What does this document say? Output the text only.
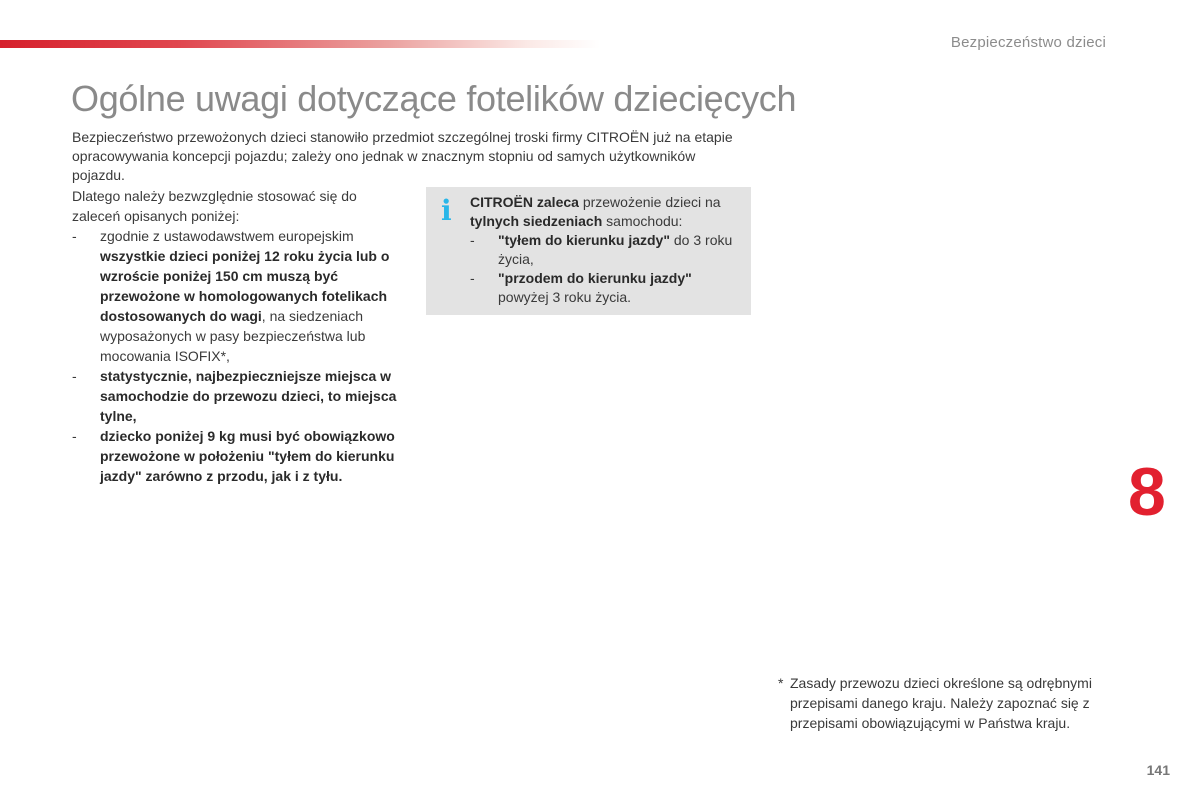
Bezpieczeństwo dzieci
Ogólne uwagi dotyczące fotelików dziecięcych

Bezpieczeństwo przewożonych dzieci stanowiło przedmiot szczególnej troski firmy CITROËN już na etapie opracowywania koncepcji pojazdu; zależy ono jednak w znacznym stopniu od samych użytkowników pojazdu.

Dlatego należy bezwzględnie stosować się do zaleceń opisanych poniżej:

- zgodnie z ustawodawstwem europejskim wszystkie dzieci poniżej 12 roku życia lub o wzroście poniżej 150 cm muszą być przewożone w homologowanych fotelikach dostosowanych do wagi, na siedzeniach wyposażonych w pasy bezpieczeństwa lub mocowania ISOFIX*,
- statystycznie, najbezpieczniejsze miejsca w samochodzie do przewozu dzieci, to miejsca tylne,
- dziecko poniżej 9 kg musi być obowiązkowo przewożone w położeniu "tyłem do kierunku jazdy" zarówno z przodu, jak i z tyłu.
i CITROËN zaleca przewożenie dzieci na tylnych siedzeniach samochodu:
- "tyłem do kierunku jazdy" do 3 roku życia,
- "przodem do kierunku jazdy" powyżej 3 roku życia.
8
* Zasady przewozu dzieci określone są odrębnymi przepisami danego kraju. Należy zapoznać się z przepisami obowiązującymi w Państwa kraju.
141
